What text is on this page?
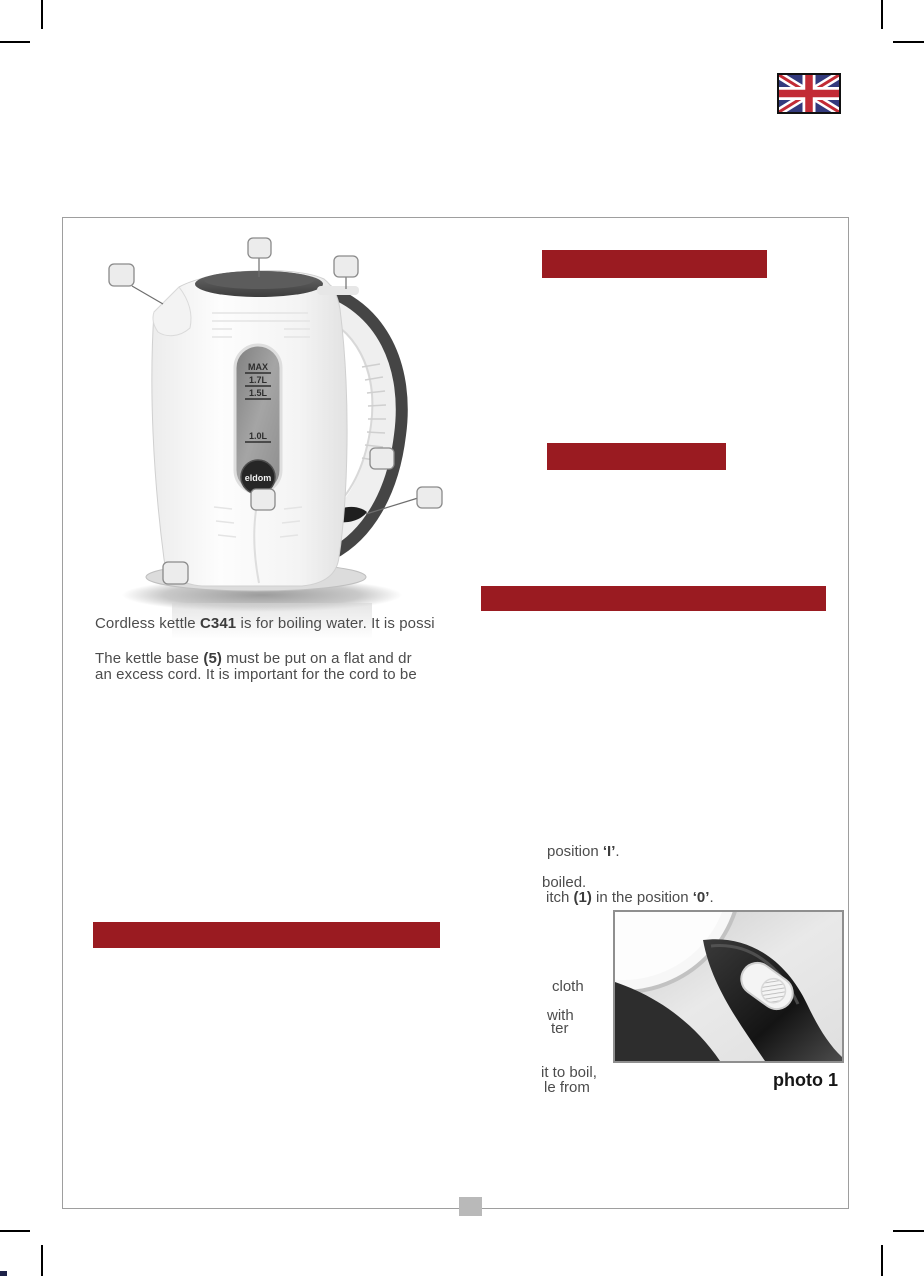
MAX
1.7L
1.5L
1.0L
eldom
Cordless kettle C341 is for boiling water. It is possi
The kettle base (5) must be put on a flat and dr
an excess cord. It is important for the cord to be
position ‘I’.
boiled.
itch (1) in the position ‘0’.
cloth
with
ter
it to boil,
le from	photo 1
